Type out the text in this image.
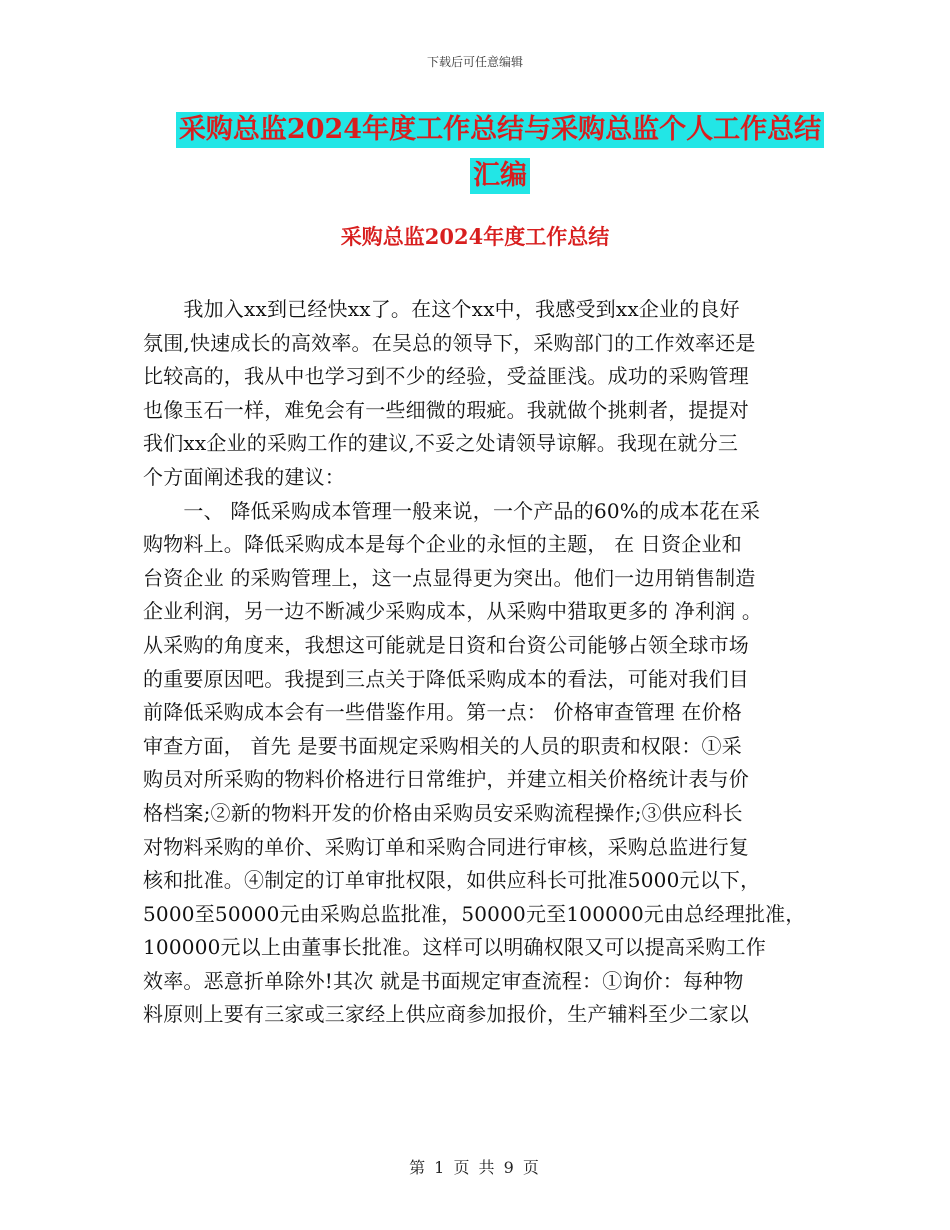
下载后可任意编辑
采购总监2024年度工作总结与采购总监个人工作总结
汇编
采购总监2024年度工作总结
　　我加入xx到已经快xx了。在这个xx中，我感受到xx企业的良好
氛围,快速成长的高效率。在吴总的领导下，采购部门的工作效率还是
比较高的，我从中也学习到不少的经验，受益匪浅。成功的采购管理
也像玉石一样，难免会有一些细微的瑕疵。我就做个挑刺者，提提对
我们xx企业的采购工作的建议,不妥之处请领导谅解。我现在就分三
个方面阐述我的建议：
　　一、 降低采购成本管理一般来说，一个产品的60%的成本花在采
购物料上。降低采购成本是每个企业的永恒的主题， 在 日资企业和
台资企业 的采购管理上，这一点显得更为突出。他们一边用销售制造
企业利润，另一边不断减少采购成本，从采购中猎取更多的 净利润 。
从采购的角度来，我想这可能就是日资和台资公司能够占领全球市场
的重要原因吧。我提到三点关于降低采购成本的看法，可能对我们目
前降低采购成本会有一些借鉴作用。第一点： 价格审查管理 在价格
审查方面， 首先 是要书面规定采购相关的人员的职责和权限：①采
购员对所采购的物料价格进行日常维护，并建立相关价格统计表与价
格档案;②新的物料开发的价格由采购员安采购流程操作;③供应科长
对物料采购的单价、采购订单和采购合同进行审核，采购总监进行复
核和批准。④制定的订单审批权限，如供应科长可批准5000元以下，
5000至50000元由采购总监批准，50000元至100000元由总经理批准，
100000元以上由董事长批准。这样可以明确权限又可以提高采购工作
效率。恶意折单除外!其次 就是书面规定审查流程：①询价：每种物
料原则上要有三家或三家经上供应商参加报价，生产辅料至少二家以
第 1 页 共 9 页
